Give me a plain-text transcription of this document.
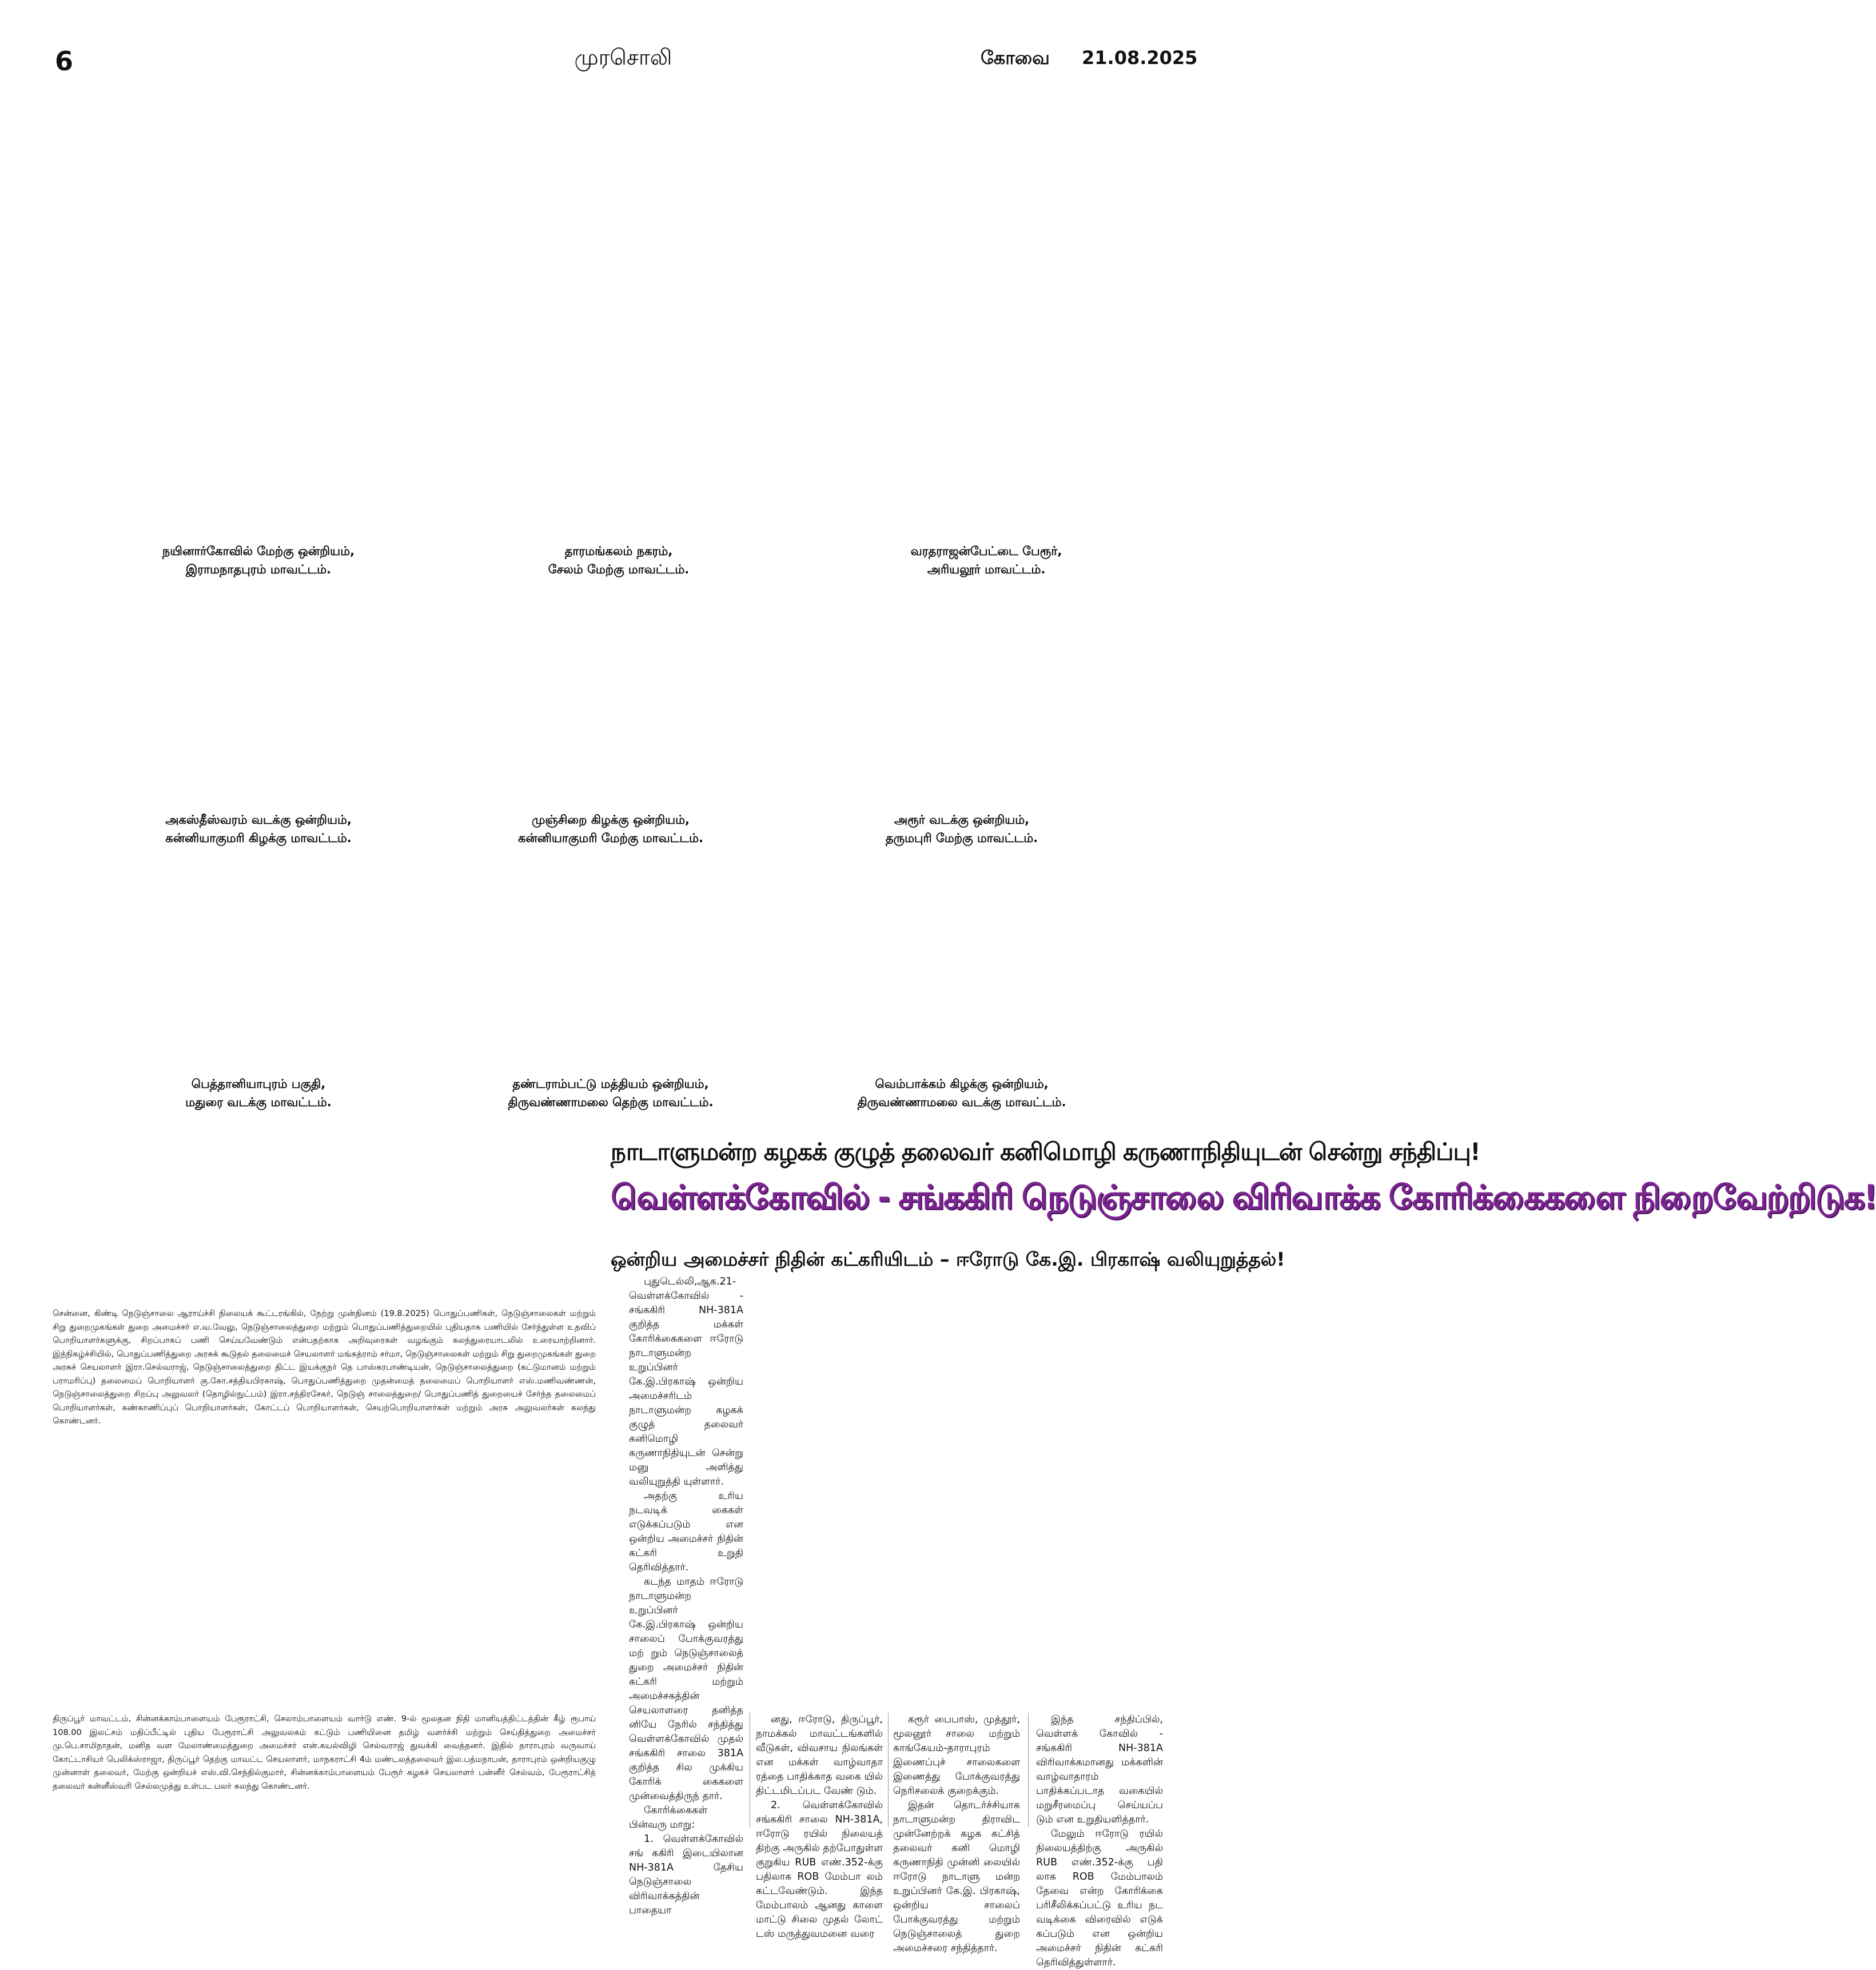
6	முரசொலி	கோவை 21.08.2025
நயினார்கோவில் மேற்கு ஒன்றியம்,
இராமநாதபுரம் மாவட்டம்.
தாரமங்கலம் நகரம்,
சேலம் மேற்கு மாவட்டம்.
வரதராஜன்பேட்டை பேரூர்,
அரியலூர் மாவட்டம்.
அகஸ்தீஸ்வரம் வடக்கு ஒன்றியம்,
கன்னியாகுமரி கிழக்கு மாவட்டம்.
முஞ்சிறை கிழக்கு ஒன்றியம்,
கன்னியாகுமரி மேற்கு மாவட்டம்.
அரூர் வடக்கு ஒன்றியம்,
தருமபுரி மேற்கு மாவட்டம்.
பெத்தானியாபுரம் பகுதி,
மதுரை வடக்கு மாவட்டம்.
தண்டராம்பட்டு மத்தியம் ஒன்றியம்,
திருவண்ணாமலை தெற்கு மாவட்டம்.
வெம்பாக்கம் கிழக்கு ஒன்றியம்,
திருவண்ணாமலை வடக்கு மாவட்டம்.
நாடாளுமன்ற கழகக் குழுத் தலைவர் கனிமொழி கருணாநிதியுடன் சென்று சந்திப்பு!
வெள்ளக்கோவில் - சங்ககிரி நெடுஞ்சாலை விரிவாக்க கோரிக்கைகளை நிறைவேற்றிடுக!
ஒன்றிய அமைச்சர் நிதின் கட்கரியிடம் – ஈரோடு கே.இ. பிரகாஷ் வலியுறுத்தல்!
சென்னை, கிண்டி நெடுஞ்சாலை ஆராய்ச்சி நிலையக் கூட்டரங்கில், நேற்று முன்தினம் (19.8.2025) பொதுப்பணிகள், நெடுஞ்சாலைகள் மற்றும் சிறு துறைமுகங்கள் துறை அமைச்சர் எ.வ.வேலு, நெடுஞ்சாலைத்துறை மற்றும் பொதுப்பணித்துறையில் புதியதாக பணியில் சேர்ந்துள்ள உதவிப் பொறியாளர்களுக்கு, சிறப்பாகப் பணி செய்யவேண்டும் என்பதற்காக அறிவுரைகள் வழங்கும் கலந்துரையாடலில் உரையாற்றினார். இந்நிகழ்ச்சியில், பொதுப்பணித்துறை அரசுக் கூடுதல் தலைமைச் செயலாளர் மங்கத்ராம் சர்மா, நெடுஞ்சாலைகள் மற்றும் சிறு துறைமுகங்கள் துறை அரசுச் செயலாளர் இரா.செல்வராஜ், நெடுஞ்சாலைத்துறை திட்ட இயக்குநர் தெ பாஸ்கரபாண்டியன், நெடுஞ்சாலைத்துறை (கட்டுமானம் மற்றும் பராமரிப்பு) தலைமைப் பொறியாளர் கு.கோ.சத்தியபிரகாஷ், பொதுப்பணித்துறை முதன்மைத் தலைமைப் பொறியாளர் எஸ்.மணிவண்ணன், நெடுஞ்சாலைத்துறை சிறப்பு அலுவலர் (தொழில்நுட்பம்) இரா.சந்திரசேகர், நெடுஞ் சாலைத்துறை/ பொதுப்பணித் துறையைச் சேர்ந்த தலைமைப் பொறியாளர்கள், கண்காணிப்புப் பொறியாளர்கள், கோட்டப் பொறியாளர்கள், செயற்பொறியாளர்கள் மற்றும் அரசு அலுவலர்கள் கலந்து கொண்டனர்.
திருப்பூர் மாவட்டம், சின்னக்காம்பாளையம் பேரூராட்சி, செலாம்பாளையம் வார்டு எண். 9-ல் மூலதன நிதி மானியத்திட்டத்தின் கீழ் ரூபாய் 108.00 இலட்சம் மதிப்பீட்டில் புதிய பேரூராட்சி அலுவலகம் கட்டும் பணியினை தமிழ் வளர்ச்சி மற்றும் செய்தித்துறை அமைச்சர் மு.பெ.சாமிநாதன், மனித வள மேலாண்மைத்துறை அமைச்சர் என்.கயல்விழி செல்வராஜ் துவக்கி வைத்தனர். இதில் தாராபுரம் வருவாய் கோட்டாசியர் பெலிக்ஸ்ராஜா, திருப்பூர் தெற்கு மாவட்ட செயலாளர், மாநகராட்சி 4ம் மண்டலத்தலைவர் இல.பத்மநாபன், தாராபுரம் ஒன்றியகுழு முன்னாள் தலைவர், மேற்கு ஒன்றியச் எஸ்.வி.செந்தில்குமார், சின்னக்காம்பாளையம் பேரூர் கழகச் செயலாளர் பன்னீர் செல்வம், பேரூராட்சித் தலைவர் கன்னீஸ்வரி செல்லமுத்து உள்பட பலர் கலந்து கொண்டனர்.

புதுடெல்லி,ஆக.21- வெள்ளக்கோவில் - சங்ககிரி NH-381A குறித்த மக்கள் கோரிக்கைகளை ஈரோடு நாடாளுமன்ற உறுப்பினர் கே.இ.பிரகாஷ் ஒன்றிய அமைச்சரிடம் நாடாளுமன்ற கழகக் குழுத் தலைவர் கனிமொழி கருணாநிதியுடன் சென்று மனு அளித்து வலியுறுத்தி யுள்ளார்.

அதற்கு உரிய நடவடிக் கைகள் எடுக்கப்படும் என ஒன்றிய அமைச்சர் நிதின் கட்கரி உறுதி தெரிவித்தார்.

கடந்த மாதம் ஈரோடு நாடாளுமன்ற உறுப்பினர் கே.இ.பிரகாஷ் ஒன்றிய சாலைப் போக்குவரத்து மற் றும் நெடுஞ்சாலைத் துறை அமைச்சர் நிதின் கட்கரி மற்றும் அமைச்சகத்தின் செயலாளரை தனித்த னியே நேரில் சந்தித்து வெள்ளக்கோவில் முதல் சங்ககிரி சாலை 381A குறித்த சில முக்கிய கோரிக் கைகளை முன்வைத்திருந் தார்.

கோரிக்கைகள் பின்வரு மாறு:

1. வெள்ளக்கோவில் சங் ககிரி இடையிலான NH-381A தேசிய நெடுஞ்சாலை விரிவாக்கத்தின் பாதையா

னது, ஈரோடு, திருப்பூர், நாமக்கல் மாவட்டங்களில் வீடுகள், விவசாய நிலங்கள் என மக்கள் வாழ்வாதா ரத்தை பாதிக்காத வகை யில் திட்டமிடப்பட வேண் டும்.

2. வெள்ளக்கோவில் சங்ககிரி சாலை NH-381A, ஈரோடு ரயில் நிலையத் திற்கு அருகில் தற்போதுள்ள குறுகிய RUB எண்.352-க்கு பதிலாக ROB மேம்பா லம் கட்டவேண்டும். இந்த மேம்பாலம் ஆனது காளை மாட்டு சிலை முதல் லோட் டஸ் மருத்துவமனை வரை

கரூர் பைபாஸ், முத்தூர், மூலனூர் சாலை மற்றும் காங்கேயம்-தாராபுரம் இணைப்புச் சாலைகளை இணைத்து போக்குவரத்து நெரிசலைக் குறைக்கும்.

இதன் தொடர்ச்சியாக நாடாளுமன்ற திராவிட முன்னேற்றக் கழக கட்சித் தலைவர் கனி மொழி கருணாநிதி முன்னி லையில் ஈரோடு நாடாளு மன்ற உறுப்பினர் கே.இ. பிரகாஷ், ஒன்றிய சாலைப் போக்குவரத்து மற்றும் நெடுஞ்சாலைத் துறை அமைச்சரை சந்தித்தார்.

இந்த சந்திப்பில், வெள்ளக் கோவில் - சங்ககிரி NH-381A விரிவாக்கமானது மக்களின் வாழ்வாதாரம் பாதிக்கப்படாத வகையில் மறுசீரமைப்பு செய்யப்ப டும் என உறுதியளித்தார்.

மேலும் ஈரோடு ரயில் நிலையத்திற்கு அருகில் RUB எண்.352-க்கு பதி லாக ROB மேம்பாலம் தேவை என்ற கோரிக்கை பரிசீலிக்கப்பட்டு உரிய நட வடிக்கை விரைவில் எடுக் கப்படும் என ஒன்றிய அமைச்சர் நிதின் கட்கரி தெரிவித்துள்ளார்.
